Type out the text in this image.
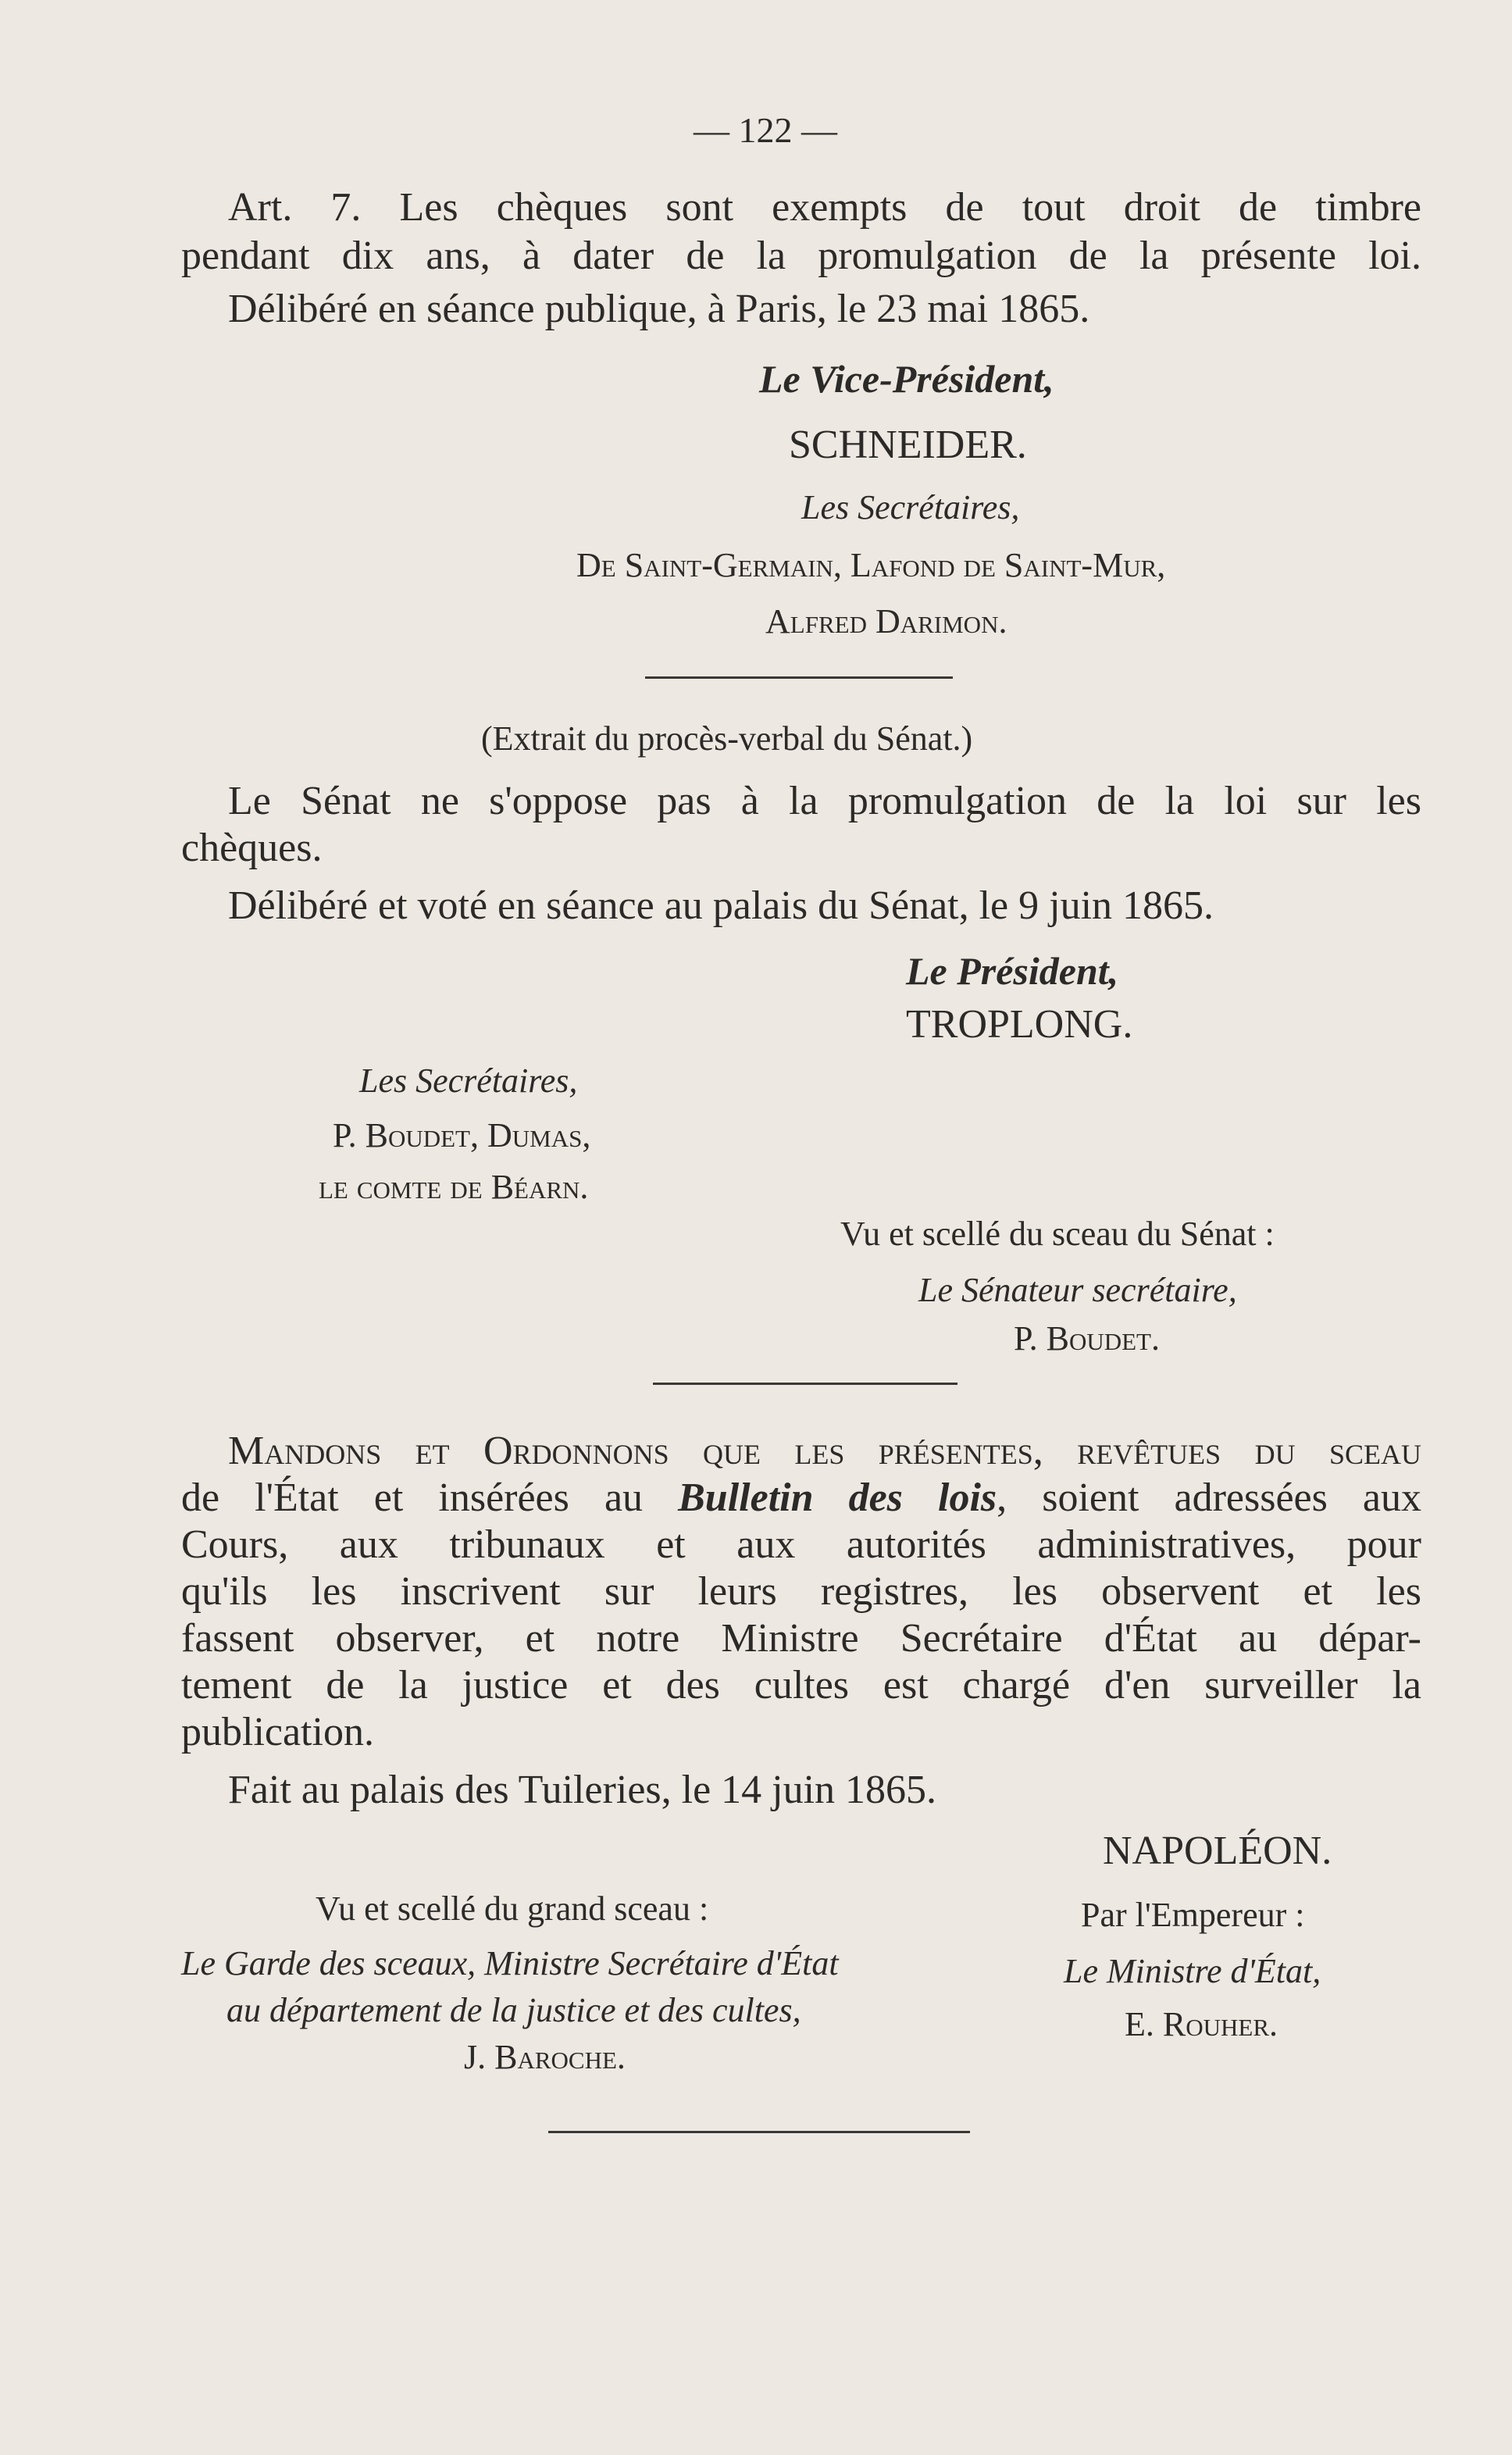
— 122 —
Art. 7. Les chèques sont exempts de tout droit de timbre
pendant dix ans, à dater de la promulgation de la présente loi.
Délibéré en séance publique, à Paris, le 23 mai 1865.
Le Vice-Président,
SCHNEIDER.
Les Secrétaires,
De Saint-Germain, Lafond de Saint-Mur,
Alfred Darimon.
(Extrait du procès-verbal du Sénat.)
Le Sénat ne s'oppose pas à la promulgation de la loi sur les
chèques.
Délibéré et voté en séance au palais du Sénat, le 9 juin 1865.
Le Président,
TROPLONG.
Les Secrétaires,
P. Boudet, Dumas,
le comte de Béarn.
Vu et scellé du sceau du Sénat :
Le Sénateur secrétaire,
P. Boudet.
Mandons et Ordonnons que les présentes, revêtues du sceau
de l'État et insérées au Bulletin des lois, soient adressées aux
Cours, aux tribunaux et aux autorités administratives, pour
qu'ils les inscrivent sur leurs registres, les observent et les
fassent observer, et notre Ministre Secrétaire d'État au dépar-
tement de la justice et des cultes est chargé d'en surveiller la
publication.
Fait au palais des Tuileries, le 14 juin 1865.
NAPOLÉON.
Par l'Empereur :
Le Ministre d'État,
E. Rouher.
Vu et scellé du grand sceau :
Le Garde des sceaux, Ministre Secrétaire d'État
au département de la justice et des cultes,
J. Baroche.
